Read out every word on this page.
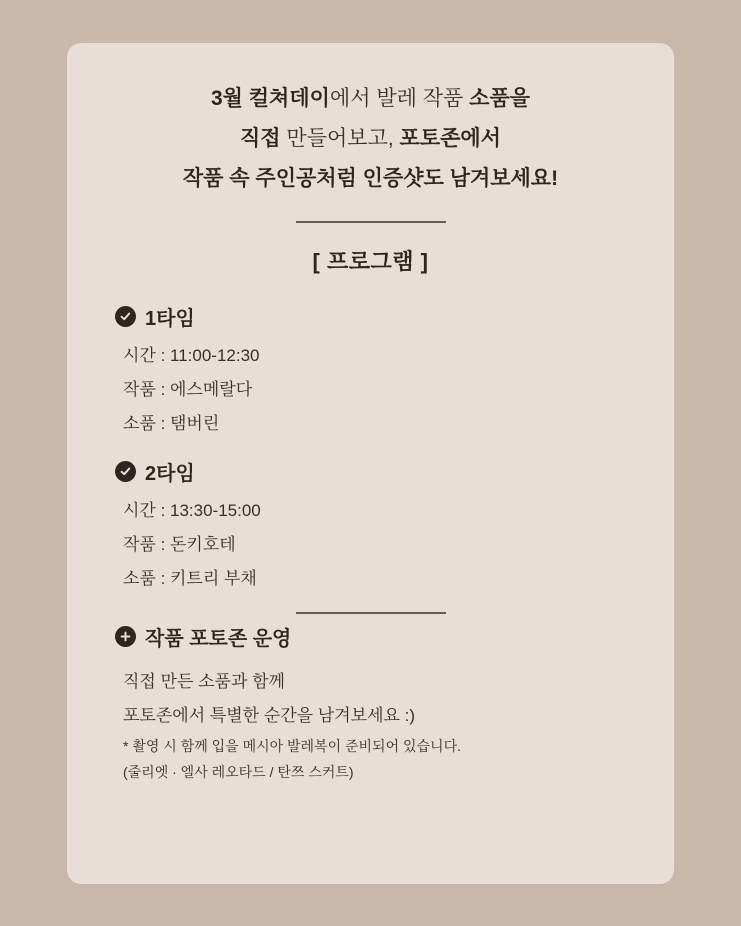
3월 컬쳐데이에서 발레 작품 소품을
직접 만들어보고, 포토존에서
작품 속 주인공처럼 인증샷도 남겨보세요!
[ 프로그램 ]
1타임
시간 : 11:00-12:30
작품 : 에스메랄다
소품 : 탬버린
2타임
시간 : 13:30-15:00
작품 : 돈키호테
소품 : 키트리 부채
작품 포토존 운영
직접 만든 소품과 함께
포토존에서 특별한 순간을 남겨보세요 :)
* 촬영 시 함께 입을 메시아 발레복이 준비되어 있습니다.
(줄리엣 · 엘사 레오타드 / 탄쯔 스커트)
